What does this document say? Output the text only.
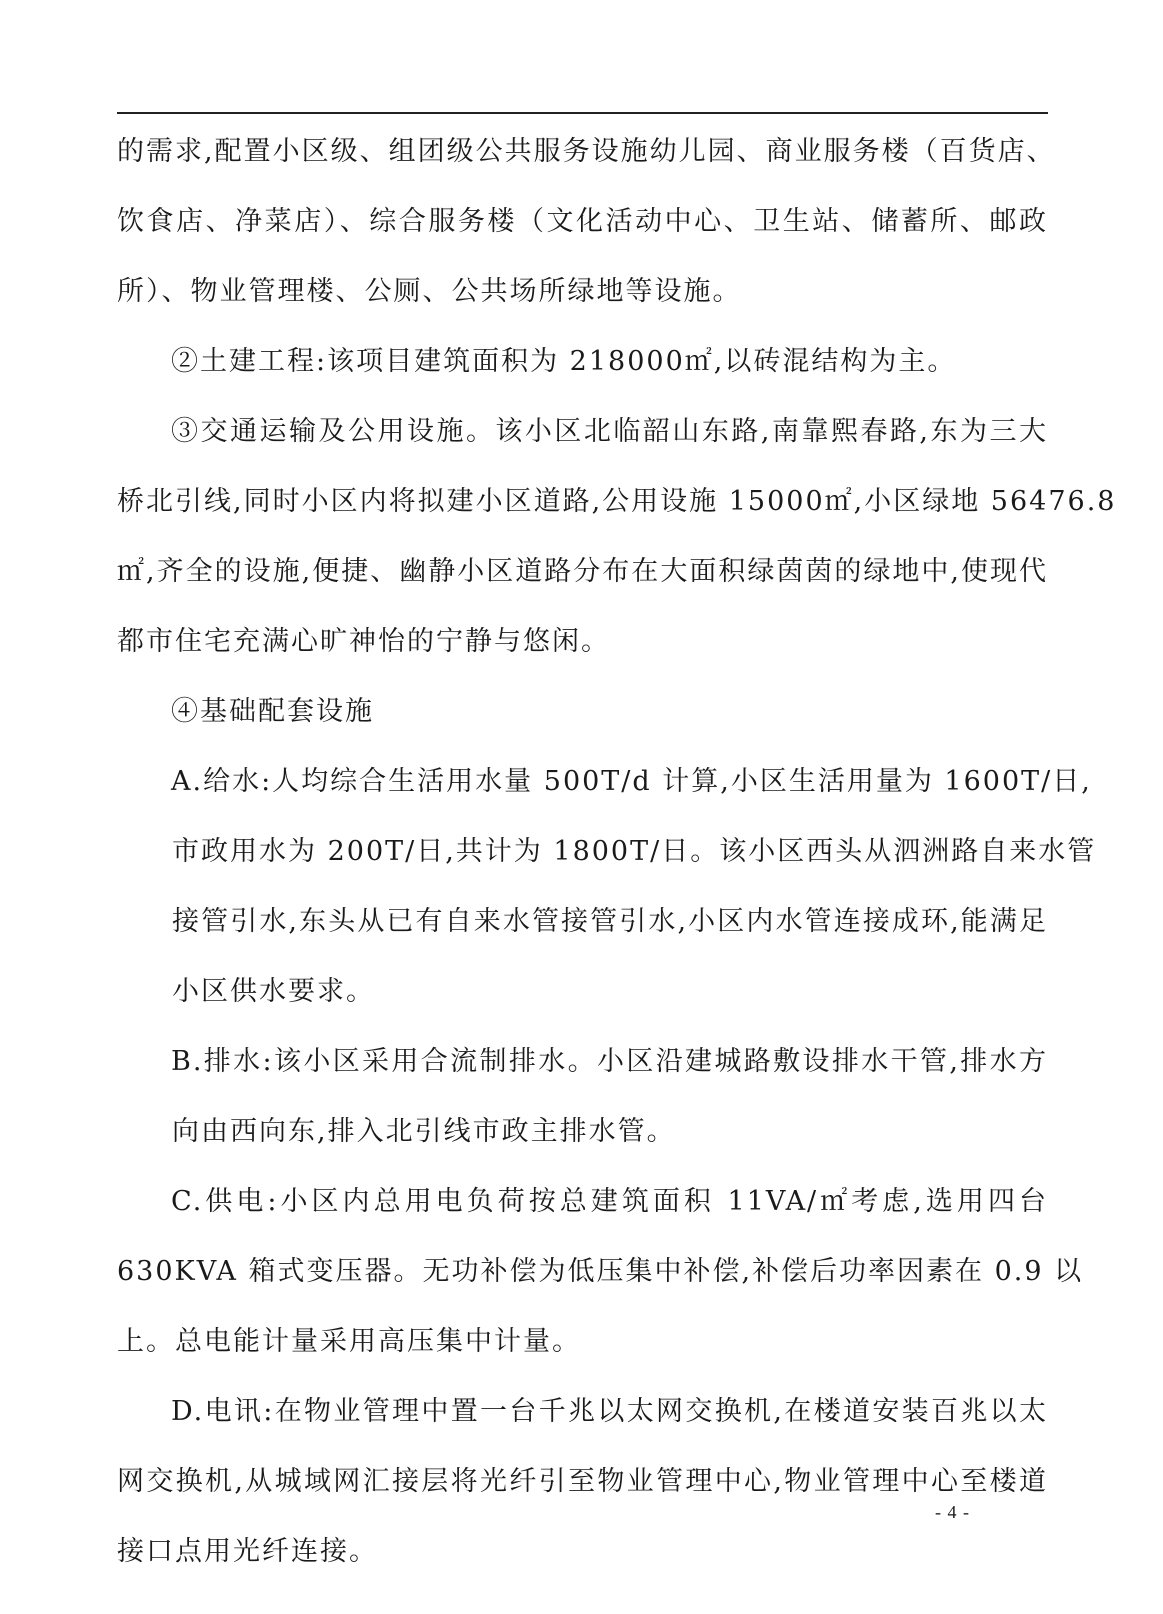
的需求,配置小区级、组团级公共服务设施幼儿园、商业服务楼（百货店、
饮食店、净菜店）、综合服务楼（文化活动中心、卫生站、储蓄所、邮政
所）、物业管理楼、公厕、公共场所绿地等设施。
②土建工程:该项目建筑面积为 218000㎡,以砖混结构为主。
③交通运输及公用设施。该小区北临韶山东路,南靠熙春路,东为三大
桥北引线,同时小区内将拟建小区道路,公用设施 15000㎡,小区绿地 56476.8
㎡,齐全的设施,便捷、幽静小区道路分布在大面积绿茵茵的绿地中,使现代
都市住宅充满心旷神怡的宁静与悠闲。
④基础配套设施
A.给水:人均综合生活用水量 500T/d 计算,小区生活用量为 1600T/日,
市政用水为 200T/日,共计为 1800T/日。该小区西头从泗洲路自来水管
接管引水,东头从已有自来水管接管引水,小区内水管连接成环,能满足
小区供水要求。
B.排水:该小区采用合流制排水。小区沿建城路敷设排水干管,排水方
向由西向东,排入北引线市政主排水管。
C.供电:小区内总用电负荷按总建筑面积 11VA/㎡考虑,选用四台
630KVA 箱式变压器。无功补偿为低压集中补偿,补偿后功率因素在 0.9 以
上。总电能计量采用高压集中计量。
D.电讯:在物业管理中置一台千兆以太网交换机,在楼道安装百兆以太
网交换机,从城域网汇接层将光纤引至物业管理中心,物业管理中心至楼道
接口点用光纤连接。
- 4 -
